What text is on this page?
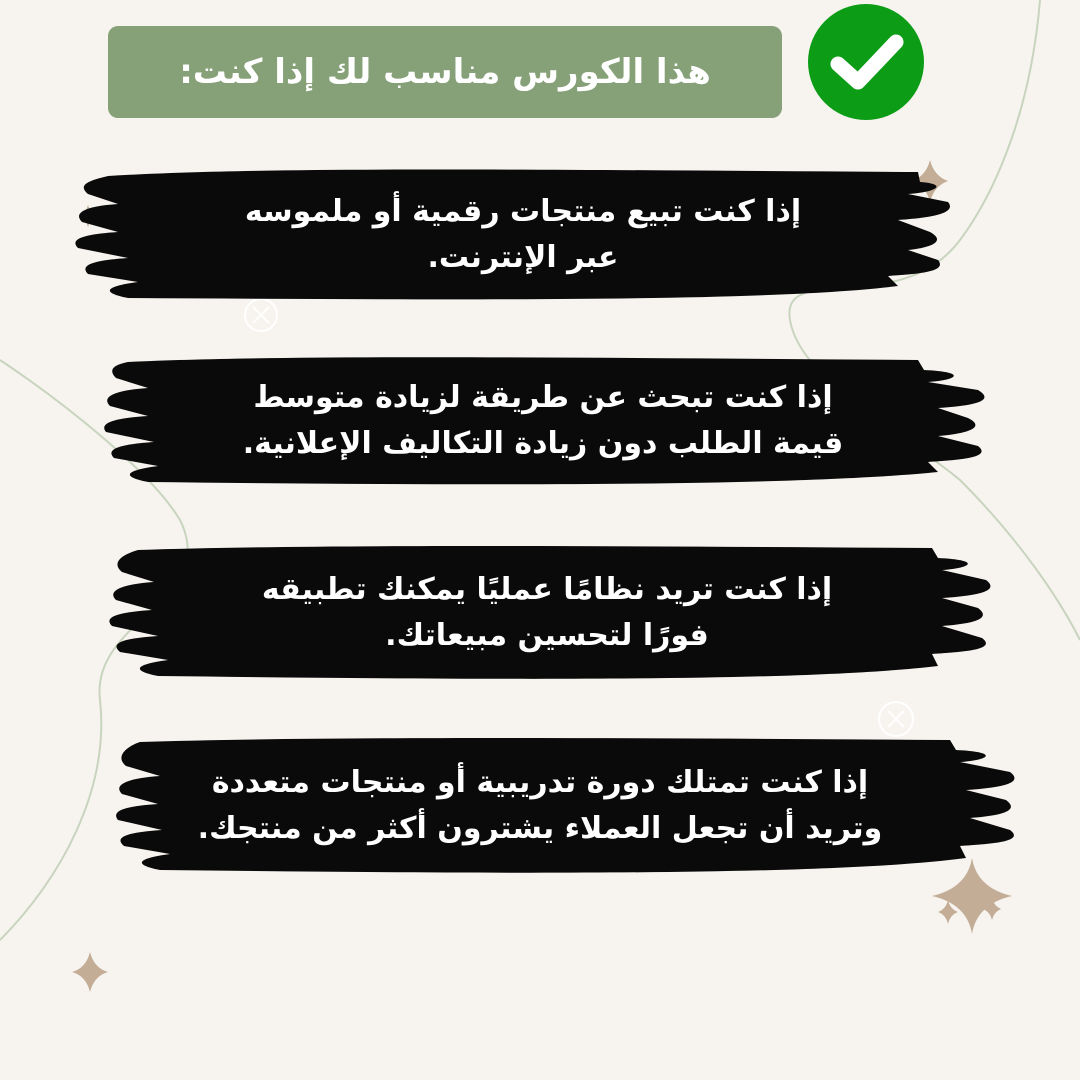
هذا الكورس مناسب لك إذا كنت:
إذا كنت تبيع منتجات رقمية أو ملموسه
عبر الإنترنت.
إذا كنت تبحث عن طريقة لزيادة متوسط
قيمة الطلب دون زيادة التكاليف الإعلانية.
إذا كنت تريد نظامًا عمليًا يمكنك تطبيقه
فورًا لتحسين مبيعاتك.
إذا كنت تمتلك دورة تدريبية أو منتجات متعددة
وتريد أن تجعل العملاء يشترون أكثر من منتجك.
